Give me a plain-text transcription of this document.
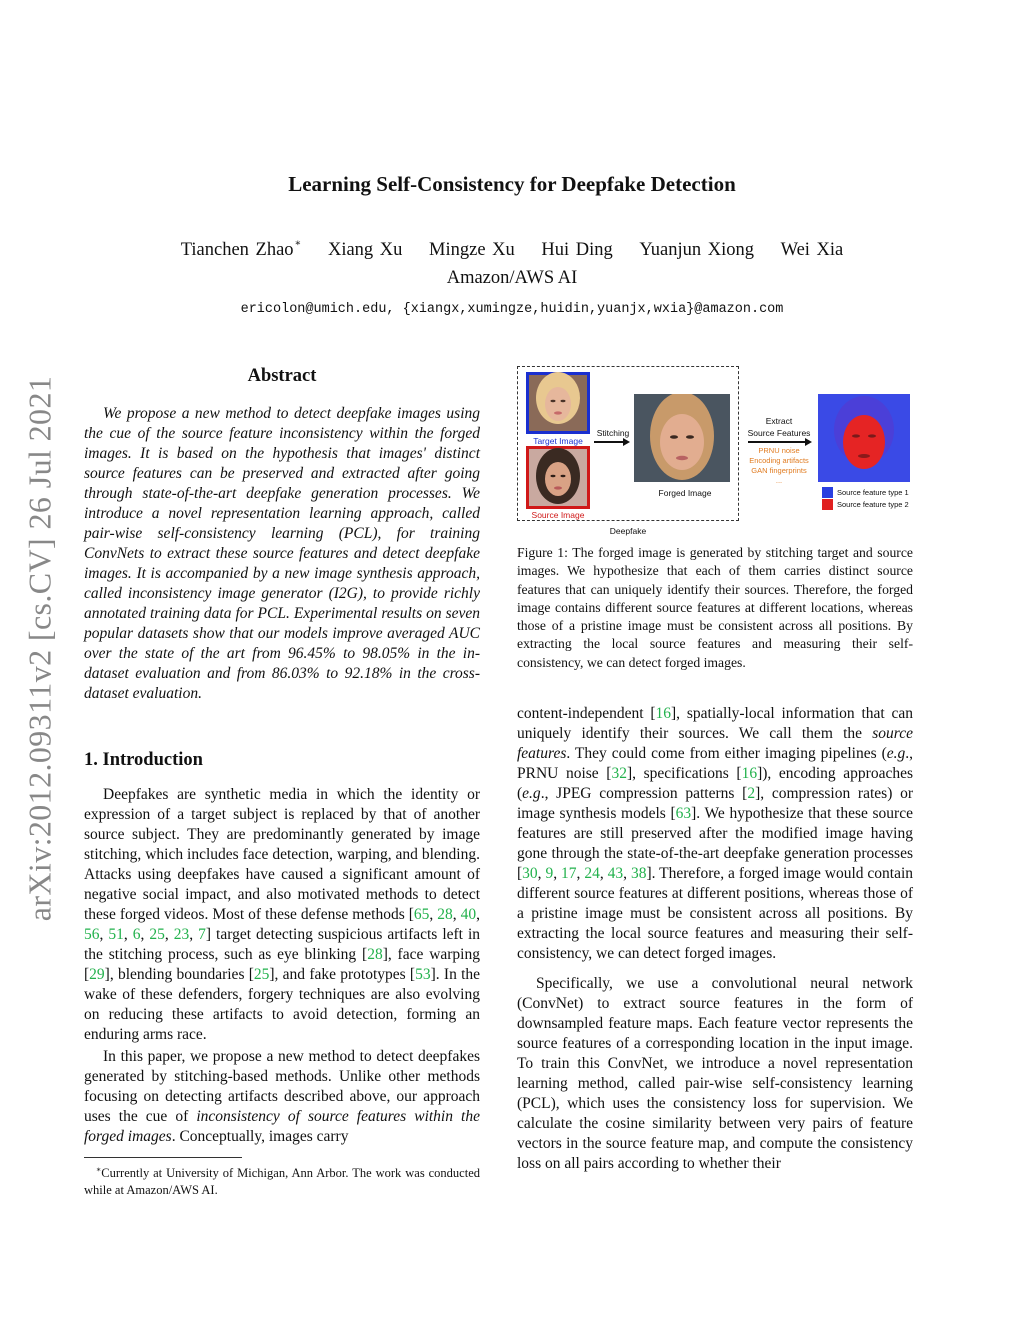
arXiv:2012.09311v2 [cs.CV] 26 Jul 2021
Learning Self-Consistency for Deepfake Detection
Tianchen Zhao∗ Xiang Xu Mingze Xu Hui Ding Yuanjun Xiong Wei Xia
Amazon/AWS AI
ericolon@umich.edu, {xiangx,xumingze,huidin,yuanjx,wxia}@amazon.com
Abstract

We propose a new method to detect deepfake images using the cue of the source feature inconsistency within the forged images. It is based on the hypothesis that images' distinct source features can be preserved and extracted after going through state-of-the-art deepfake generation processes. We introduce a novel representation learning approach, called pair-wise self-consistency learning (PCL), for training ConvNets to extract these source features and detect deepfake images. It is accompanied by a new image synthesis approach, called inconsistency image generator (I2G), to provide richly annotated training data for PCL. Experimental results on seven popular datasets show that our models improve averaged AUC over the state of the art from 96.45% to 98.05% in the in-dataset evaluation and from 86.03% to 92.18% in the cross-dataset evaluation.

1. Introduction

Deepfakes are synthetic media in which the identity or expression of a target subject is replaced by that of another source subject. They are predominantly generated by image stitching, which includes face detection, warping, and blending. Attacks using deepfakes have caused a significant amount of negative social impact, and also motivated methods to detect these forged videos. Most of these defense methods [65, 28, 40, 56, 51, 6, 25, 23, 7] target detecting suspicious artifacts left in the stitching process, such as eye blinking [28], face warping [29], blending boundaries [25], and fake prototypes [53]. In the wake of these defenders, forgery techniques are also evolving on reducing these artifacts to avoid detection, forming an enduring arms race.

In this paper, we propose a new method to detect deepfakes generated by stitching-based methods. Unlike other methods focusing on detecting artifacts described above, our approach uses the cue of inconsistency of source features within the forged images. Conceptually, images carry

∗Currently at University of Michigan, Ann Arbor. The work was conducted while at Amazon/AWS AI.
Target Image
Source Image
Stitching
Forged Image
Deepfake
Extract
Source Features
PRNU noise
Encoding artifacts
GAN fingerprints
...
Source feature type 1
Source feature type 2

Figure 1: The forged image is generated by stitching target and source images. We hypothesize that each of them carries distinct source features that can uniquely identify their sources. Therefore, the forged image contains different source features at different locations, whereas those of a pristine image must be consistent across all positions. By extracting the local source features and measuring their self-consistency, we can detect forged images.

content-independent [16], spatially-local information that can uniquely identify their sources. We call them the source features. They could come from either imaging pipelines (e.g., PRNU noise [32], specifications [16]), encoding approaches (e.g., JPEG compression patterns [2], compression rates) or image synthesis models [63]. We hypothesize that these source features are still preserved after the modified image having gone through the state-of-the-art deepfake generation processes [30, 9, 17, 24, 43, 38]. Therefore, a forged image would contain different source features at different positions, whereas those of a pristine image must be consistent across all positions. By extracting the local source features and measuring their self-consistency, we can detect forged images.

Specifically, we use a convolutional neural network (ConvNet) to extract source features in the form of downsampled feature maps. Each feature vector represents the source features of a corresponding location in the input image. To train this ConvNet, we introduce a novel representation learning method, called pair-wise self-consistency learning (PCL), which uses the consistency loss for supervision. We calculate the cosine similarity between very pairs of feature vectors in the source feature map, and compute the consistency loss on all pairs according to whether their
